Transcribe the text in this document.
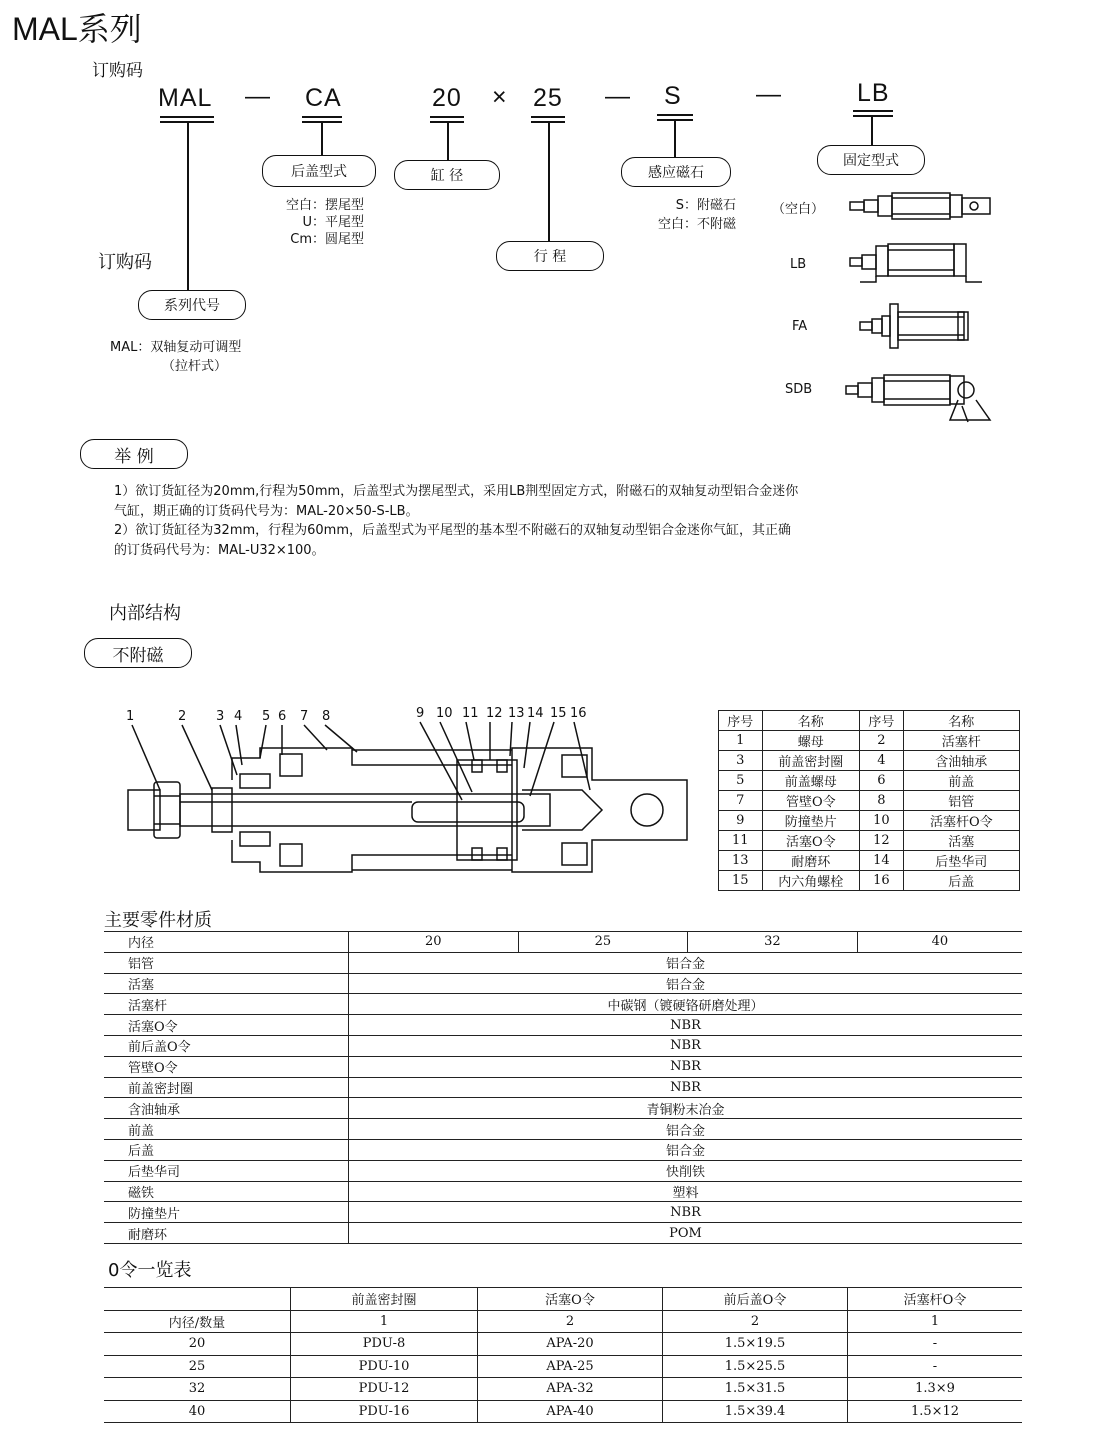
MAL系列
订购码
MAL — CA	20 × 25 — S	—	LB
后盖型式	缸 径
行 程
感应磁石
固定型式
系列代号
订购码
空白：摆尾型
U：平尾型
Cm：圆尾型
S：附磁石
空白：不附磁
MAL：双轴复动可调型
（拉杆式）
（空白）
LB
FA
SDB
举 例
1）欲订货缸径为20mm,行程为50mm，后盖型式为摆尾型式，采用LB荆型固定方式，附磁石的双轴复动型铝合金迷你
气缸，期正确的订货码代号为：MAL-20×50-S-LB。
2）欲订货缸径为32mm，行程为60mm，后盖型式为平尾型的基本型不附磁石的双轴复动型铝合金迷你气缸，其正确
的订货码代号为：MAL-U32×100。
内部结构
不附磁
1	2 3 4 5 6 7 8	9 10 11 12 13 14 15 16
序号	名称	序号	名称
1	螺母	2	活塞杆
3	前盖密封圈	4	含油轴承
5	前盖螺母	6	前盖
7	管壁O令	8	铝管
9	防撞垫片	10	活塞杆O令
11	活塞O令	12	活塞
13	耐磨环	14	后垫华司
15	内六角螺栓	16	后盖
主要零件材质
内径	20	25	32	40
铝管	铝合金			
活塞	铝合金			
活塞杆	中碳钢（镀硬铬研磨处理）			
活塞O令	NBR			
前后盖O令	NBR			
管壁O令	NBR			
前盖密封圈	NBR			
含油轴承	青铜粉末冶金			
前盖	铝合金			
后盖	铝合金			
后垫华司	快削铁			
磁铁	塑料			
防撞垫片	NBR			
耐磨环	POM			
0令一览表
	前盖密封圈	活塞O令	前后盖O令	活塞杆O令
内径/数量	1	2	2	1
20	PDU-8	APA-20	1.5×19.5	-
25	PDU-10	APA-25	1.5×25.5	-
32	PDU-12	APA-32	1.5×31.5	1.3×9
40	PDU-16	APA-40	1.5×39.4	1.5×12
